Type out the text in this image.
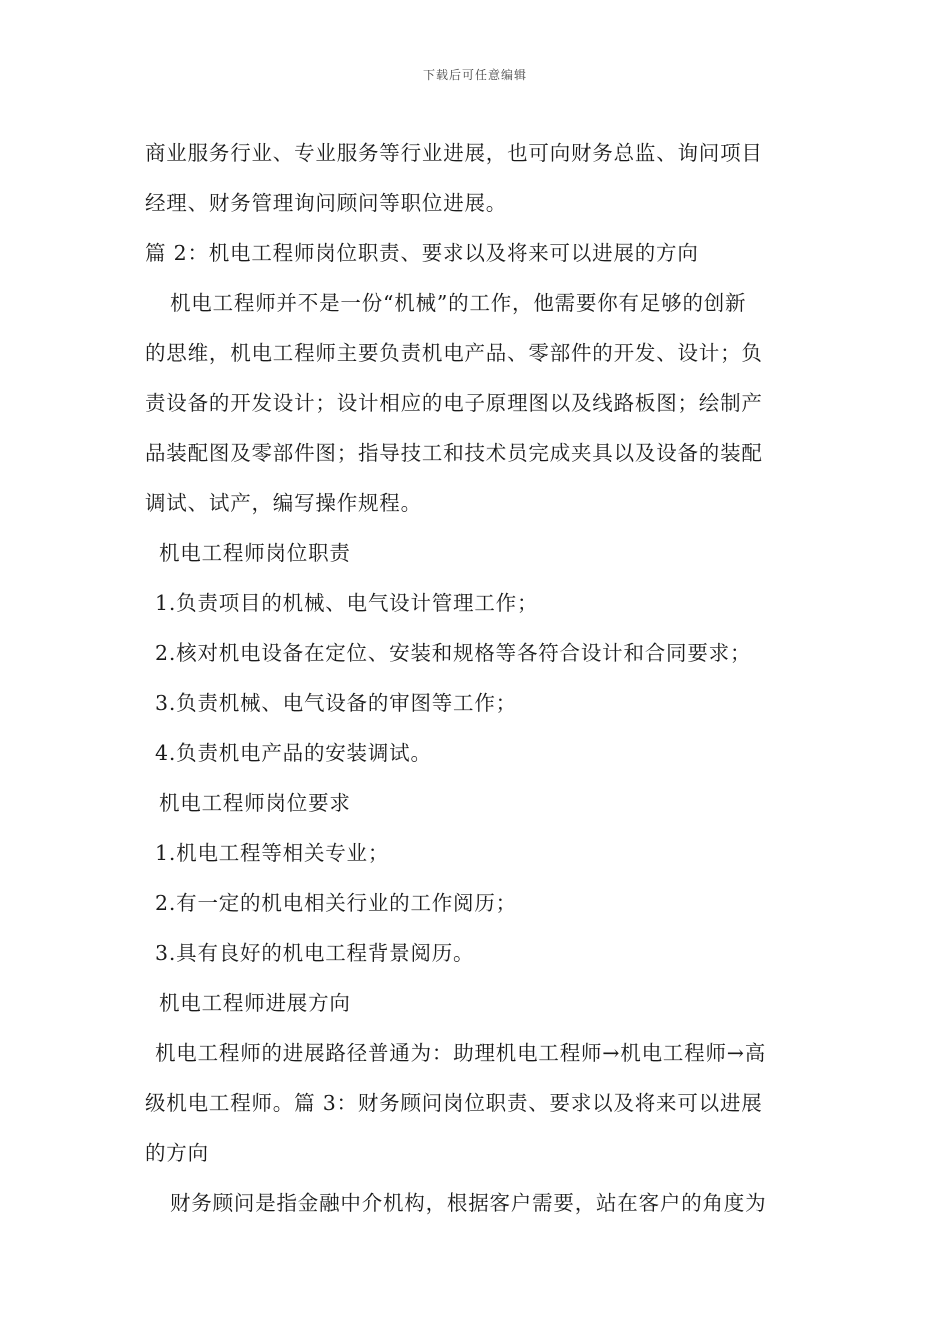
下载后可任意编辑
商业服务行业、专业服务等行业进展，也可向财务总监、询问项目
经理、财务管理询问顾问等职位进展。
篇 2：机电工程师岗位职责、要求以及将来可以进展的方向
机电工程师并不是一份“机械”的工作，他需要你有足够的创新
的思维，机电工程师主要负责机电产品、零部件的开发、设计；负
责设备的开发设计；设计相应的电子原理图以及线路板图；绘制产
品装配图及零部件图；指导技工和技术员完成夹具以及设备的装配
调试、试产，编写操作规程。
机电工程师岗位职责
1.负责项目的机械、电气设计管理工作；
2.核对机电设备在定位、安装和规格等各符合设计和合同要求；
3.负责机械、电气设备的审图等工作；
4.负责机电产品的安装调试。
机电工程师岗位要求
1.机电工程等相关专业；
2.有一定的机电相关行业的工作阅历；
3.具有良好的机电工程背景阅历。
机电工程师进展方向
机电工程师的进展路径普通为：助理机电工程师→机电工程师→高
级机电工程师。篇 3：财务顾问岗位职责、要求以及将来可以进展
的方向
财务顾问是指金融中介机构，根据客户需要，站在客户的角度为
